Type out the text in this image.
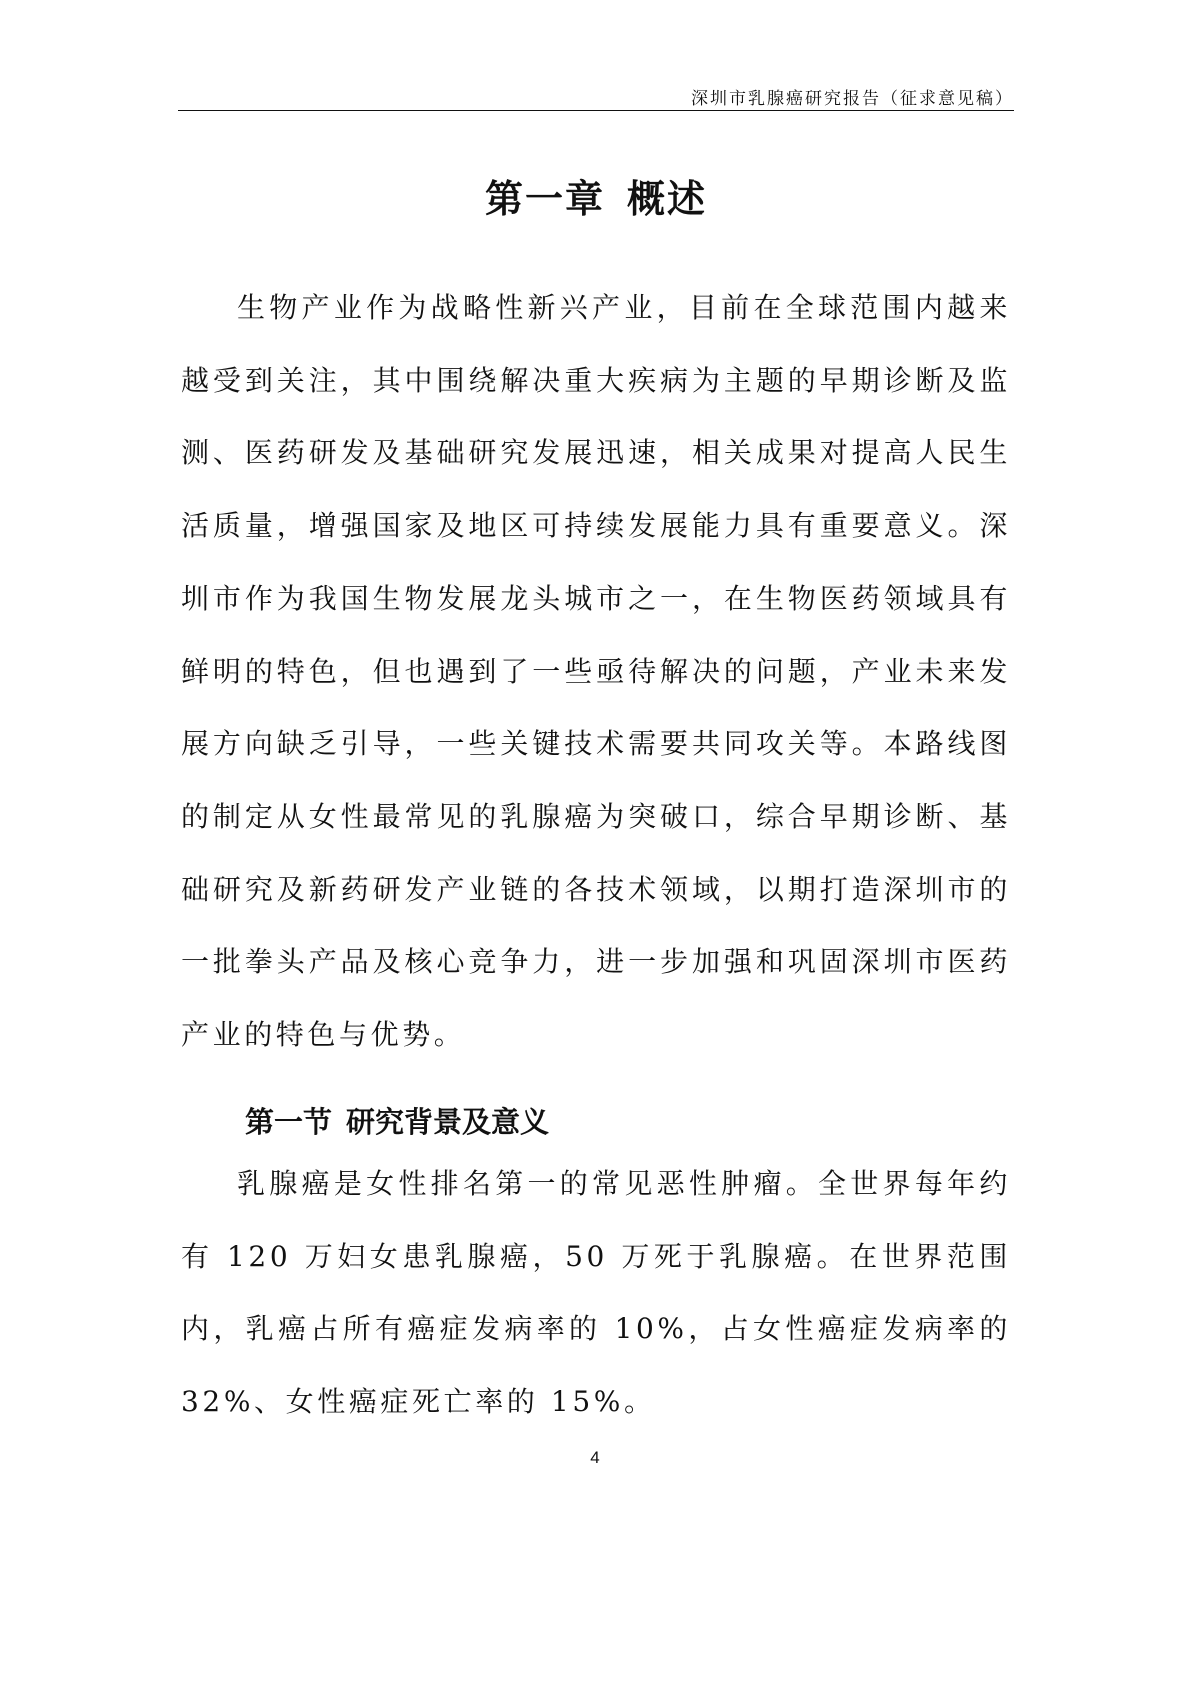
深圳市乳腺癌研究报告（征求意见稿）
第一章 概述

生物产业作为战略性新兴产业，目前在全球范围内越来越受到关注，其中围绕解决重大疾病为主题的早期诊断及监测、医药研发及基础研究发展迅速，相关成果对提高人民生活质量，增强国家及地区可持续发展能力具有重要意义。深圳市作为我国生物发展龙头城市之一，在生物医药领域具有鲜明的特色，但也遇到了一些亟待解决的问题，产业未来发展方向缺乏引导，一些关键技术需要共同攻关等。本路线图的制定从女性最常见的乳腺癌为突破口，综合早期诊断、基础研究及新药研发产业链的各技术领域，以期打造深圳市的一批拳头产品及核心竞争力，进一步加强和巩固深圳市医药产业的特色与优势。

第一节 研究背景及意义

乳腺癌是女性排名第一的常见恶性肿瘤。全世界每年约有 120 万妇女患乳腺癌，50 万死于乳腺癌。在世界范围内，乳癌占所有癌症发病率的 10%，占女性癌症发病率的 32%、女性癌症死亡率的 15%。

4
